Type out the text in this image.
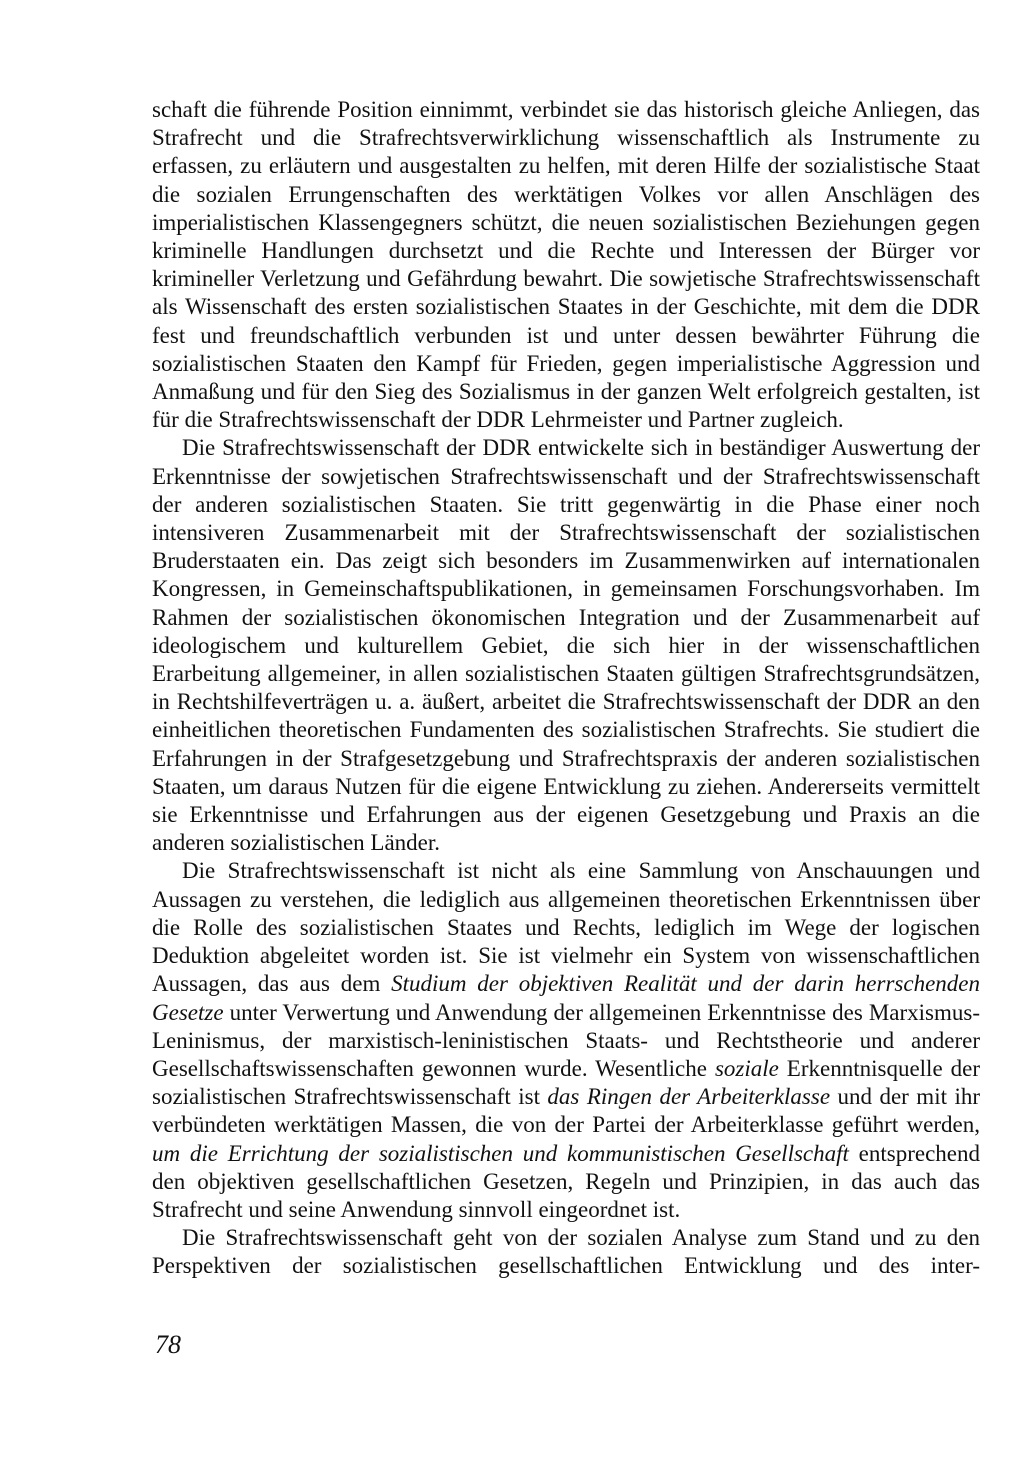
schaft die führende Position einnimmt, verbindet sie das historisch gleiche Anliegen, das Strafrecht und die Strafrechtsverwirklichung wissenschaftlich als Instrumente zu erfassen, zu erläutern und ausgestalten zu helfen, mit deren Hilfe der sozialistische Staat die sozialen Errungenschaften des werktätigen Volkes vor allen Anschlägen des imperialistischen Klassengegners schützt, die neuen sozialistischen Beziehungen gegen kriminelle Handlungen durchsetzt und die Rechte und Interessen der Bürger vor krimineller Verletzung und Gefährdung bewahrt. Die sowjetische Strafrechtswissenschaft als Wissenschaft des ersten sozialistischen Staates in der Geschichte, mit dem die DDR fest und freundschaftlich verbunden ist und unter dessen bewährter Führung die sozialistischen Staaten den Kampf für Frieden, gegen imperialistische Aggression und Anmaßung und für den Sieg des Sozialismus in der ganzen Welt erfolgreich gestalten, ist für die Strafrechtswissenschaft der DDR Lehrmeister und Partner zugleich.

Die Strafrechtswissenschaft der DDR entwickelte sich in beständiger Auswertung der Erkenntnisse der sowjetischen Strafrechtswissenschaft und der Strafrechtswissenschaft der anderen sozialistischen Staaten. Sie tritt gegenwärtig in die Phase einer noch intensiveren Zusammenarbeit mit der Strafrechtswissenschaft der sozialistischen Bruderstaaten ein. Das zeigt sich besonders im Zusammenwirken auf internationalen Kongressen, in Gemeinschaftspublikationen, in gemeinsamen Forschungsvorhaben. Im Rahmen der sozialistischen ökonomischen Integration und der Zusammenarbeit auf ideologischem und kulturellem Gebiet, die sich hier in der wissenschaftlichen Erarbeitung allgemeiner, in allen sozialistischen Staaten gültigen Strafrechtsgrundsätzen, in Rechtshilfeverträgen u. a. äußert, arbeitet die Strafrechtswissenschaft der DDR an den einheitlichen theoretischen Fundamenten des sozialistischen Strafrechts. Sie studiert die Erfahrungen in der Strafgesetzgebung und Strafrechtspraxis der anderen sozialistischen Staaten, um daraus Nutzen für die eigene Entwicklung zu ziehen. Andererseits vermittelt sie Erkenntnisse und Erfahrungen aus der eigenen Gesetzgebung und Praxis an die anderen sozialistischen Länder.

Die Strafrechtswissenschaft ist nicht als eine Sammlung von Anschauungen und Aussagen zu verstehen, die lediglich aus allgemeinen theoretischen Erkenntnissen über die Rolle des sozialistischen Staates und Rechts, lediglich im Wege der logischen Deduktion abgeleitet worden ist. Sie ist vielmehr ein System von wissenschaftlichen Aussagen, das aus dem Studium der objektiven Realität und der darin herrschenden Gesetze unter Verwertung und Anwendung der allgemeinen Erkenntnisse des Marxismus-Leninismus, der marxistisch-leninistischen Staats- und Rechtstheorie und anderer Gesellschaftswissenschaften gewonnen wurde. Wesentliche soziale Erkenntnisquelle der sozialistischen Strafrechtswissenschaft ist das Ringen der Arbeiterklasse und der mit ihr verbündeten werktätigen Massen, die von der Partei der Arbeiterklasse geführt werden, um die Errichtung der sozialistischen und kommunistischen Gesellschaft entsprechend den objektiven gesellschaftlichen Gesetzen, Regeln und Prinzipien, in das auch das Strafrecht und seine Anwendung sinnvoll eingeordnet ist.

Die Strafrechtswissenschaft geht von der sozialen Analyse zum Stand und zu den Perspektiven der sozialistischen gesellschaftlichen Entwicklung und des inter-

78
